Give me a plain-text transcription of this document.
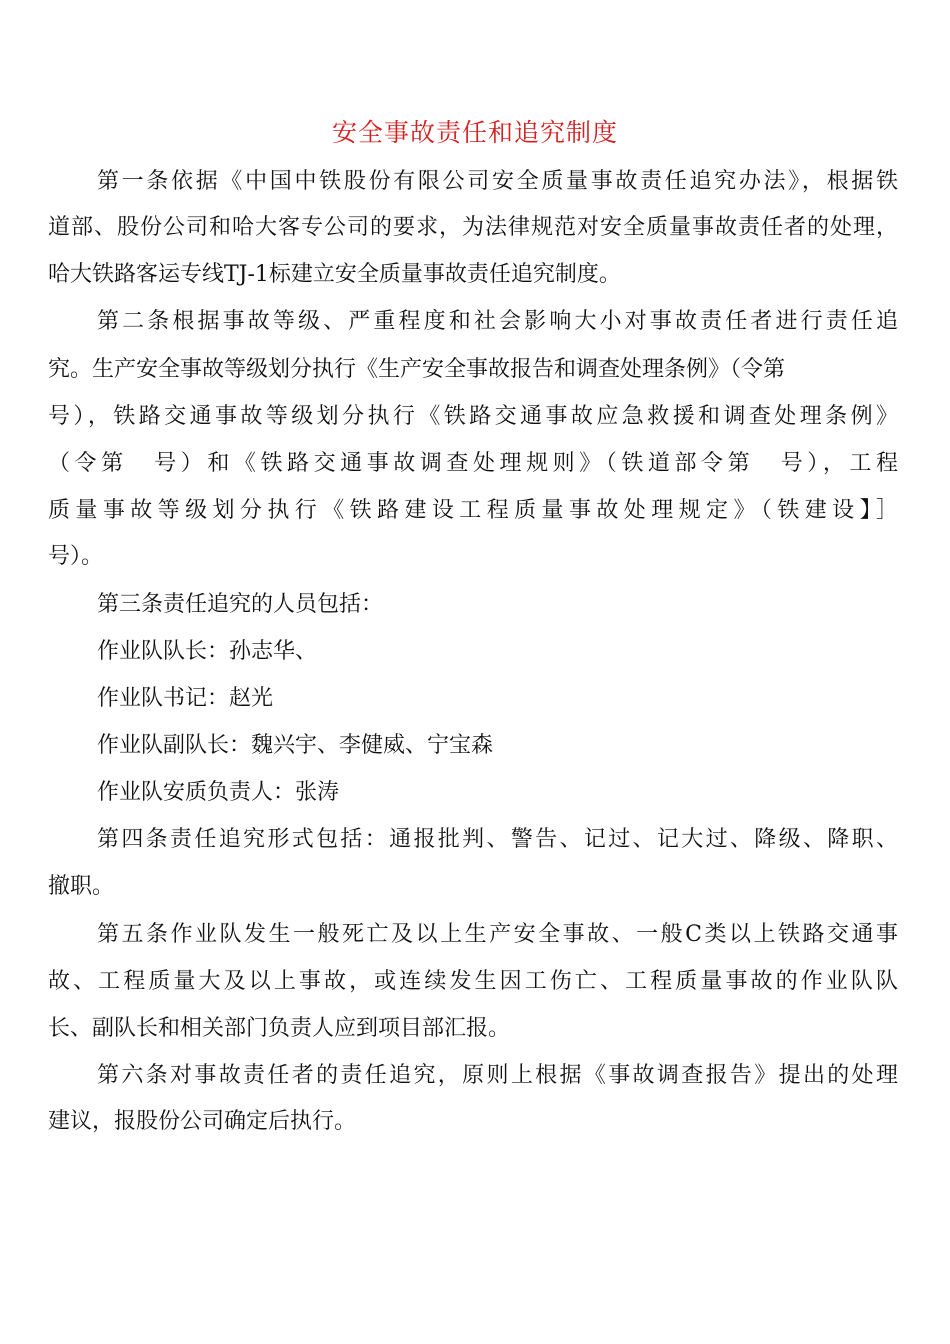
安全事故责任和追究制度
第一条依据《中国中铁股份有限公司安全质量事故责任追究办法》，根据铁
道部、股份公司和哈大客专公司的要求，为法律规范对安全质量事故责任者的处理，
哈大铁路客运专线TJ-1标建立安全质量事故责任追究制度。
第二条根据事故等级、严重程度和社会影响大小对事故责任者进行责任追
究。生产安全事故等级划分执行《生产安全事故报告和调查处理条例》（令第
号），铁路交通事故等级划分执行《铁路交通事故应急救援和调查处理条例》
（令第　号）和《铁路交通事故调查处理规则》（铁道部令第　号），工程
质量事故等级划分执行《铁路建设工程质量事故处理规定》（铁建设】］
号）。
第三条责任追究的人员包括：
作业队队长：孙志华、
作业队书记：赵光
作业队副队长：魏兴宇、李健威、宁宝森
作业队安质负责人：张涛
第四条责任追究形式包括：通报批判、警告、记过、记大过、降级、降职、
撤职。
第五条作业队发生一般死亡及以上生产安全事故、一般C类以上铁路交通事
故、工程质量大及以上事故，或连续发生因工伤亡、工程质量事故的作业队队
长、副队长和相关部门负责人应到项目部汇报。
第六条对事故责任者的责任追究，原则上根据《事故调查报告》提出的处理
建议，报股份公司确定后执行。
